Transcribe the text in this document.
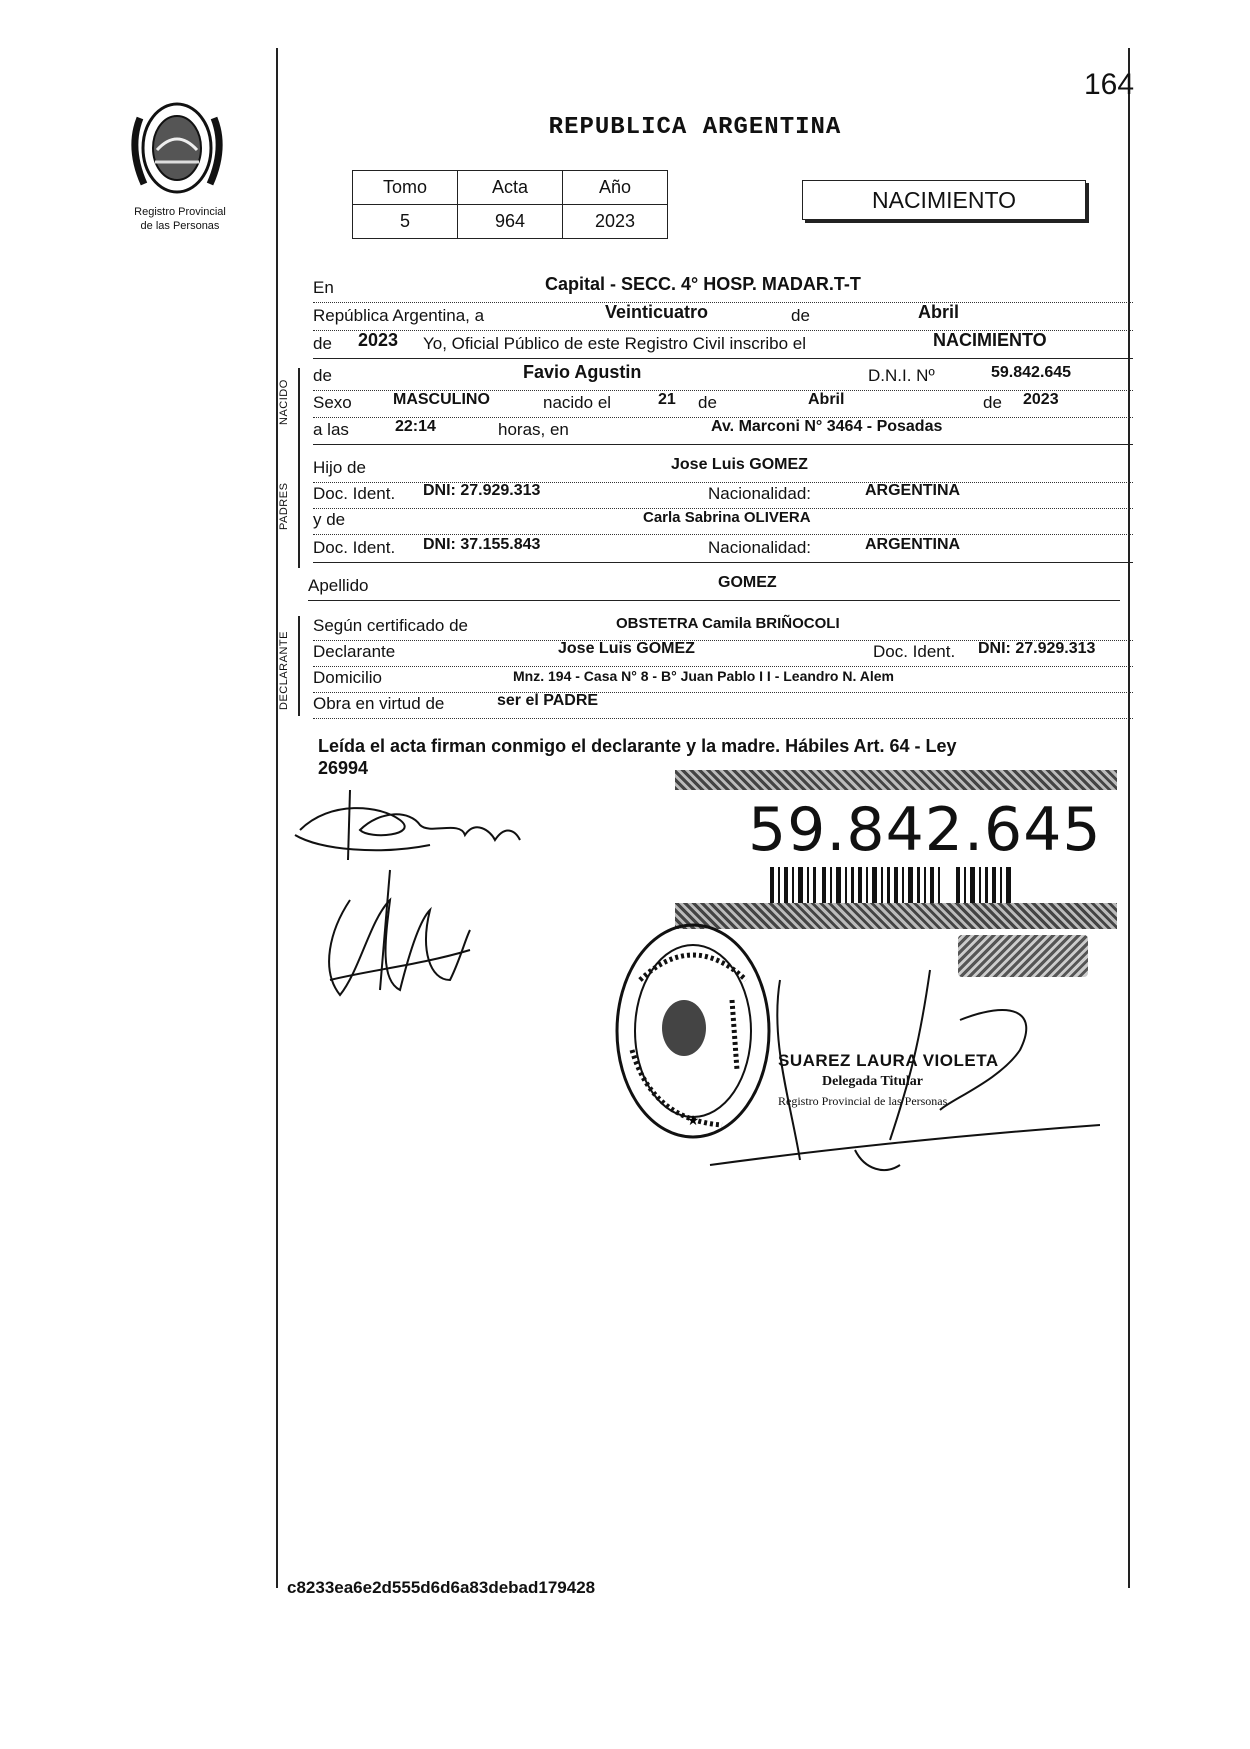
Registro Provincial
de las Personas
164
REPUBLICA ARGENTINA
Tomo	Acta	Año
5	964	2023
NACIMIENTO
En	Capital - SECC. 4° HOSP. MADAR.T-T
República Argentina, a	Veinticuatro	de	Abril
de 2023 Yo, Oficial Público de este Registro Civil inscribo el	NACIMIENTO
NACIDO
de	Favio Agustin	D.N.I. Nº	59.842.645
Sexo	MASCULINO	nacido el	21 de	Abril	de 2023
a las	22:14	horas, en	Av. Marconi N° 3464 - Posadas
PADRES
Hijo de	Jose Luis GOMEZ
Doc. Ident. DNI: 27.929.313	Nacionalidad:	ARGENTINA
y de	Carla Sabrina OLIVERA
Doc. Ident. DNI: 37.155.843	Nacionalidad:	ARGENTINA
Apellido	GOMEZ
DECLARANTE
Según certificado de	OBSTETRA Camila BRIÑOCOLI
Declarante	Jose Luis GOMEZ	Doc. Ident. DNI: 27.929.313
Domicilio	Mnz. 194 - Casa N° 8 - B° Juan Pablo I I - Leandro N. Alem
Obra en virtud de	ser el PADRE
Leída el acta firman conmigo el declarante y la madre. Hábiles Art. 64 - Ley
26994
59.842.645
★
SUAREZ LAURA VIOLETA
Delegada Titular
Registro Provincial de las Personas
c8233ea6e2d555d6d6a83debad179428
